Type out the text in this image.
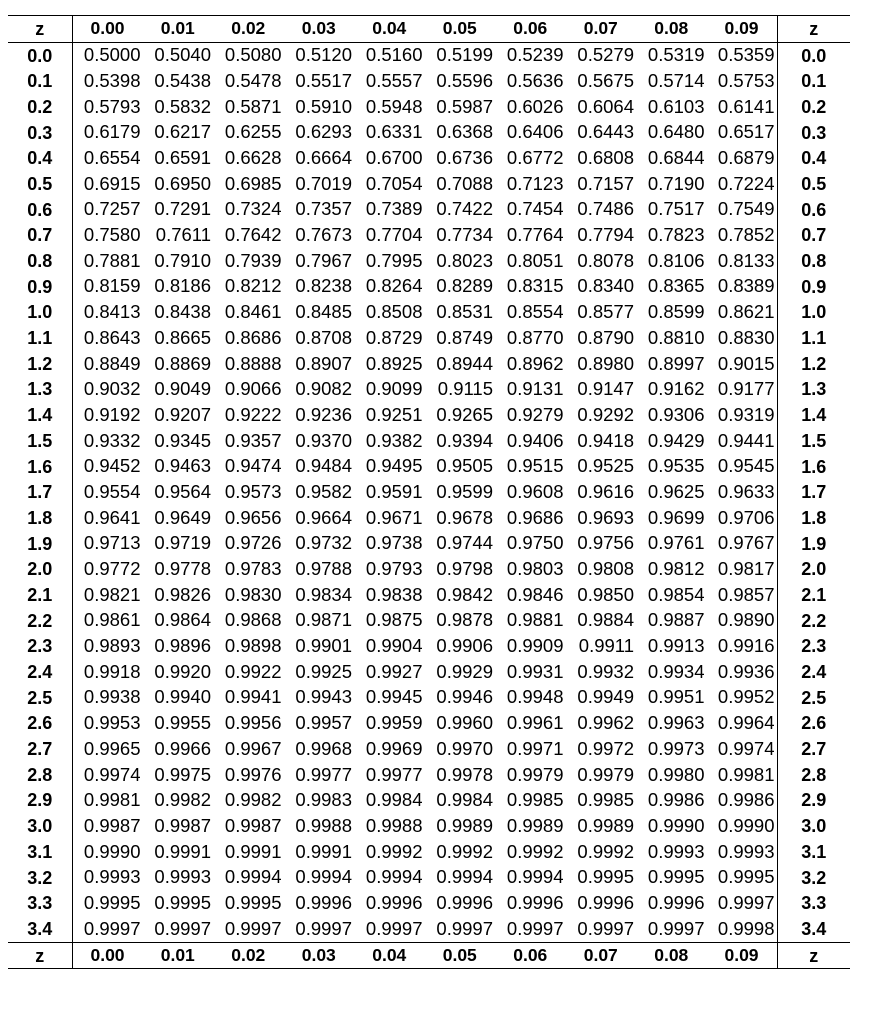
z	0.00	0.01	0.02	0.03	0.04	0.05	0.06	0.07	0.08	0.09	z
0.0	0.5000	0.5040	0.5080	0.5120	0.5160	0.5199	0.5239	0.5279	0.5319	0.5359	0.0
0.1	0.5398	0.5438	0.5478	0.5517	0.5557	0.5596	0.5636	0.5675	0.5714	0.5753	0.1
0.2	0.5793	0.5832	0.5871	0.5910	0.5948	0.5987	0.6026	0.6064	0.6103	0.6141	0.2
0.3	0.6179	0.6217	0.6255	0.6293	0.6331	0.6368	0.6406	0.6443	0.6480	0.6517	0.3
0.4	0.6554	0.6591	0.6628	0.6664	0.6700	0.6736	0.6772	0.6808	0.6844	0.6879	0.4
0.5	0.6915	0.6950	0.6985	0.7019	0.7054	0.7088	0.7123	0.7157	0.7190	0.7224	0.5
0.6	0.7257	0.7291	0.7324	0.7357	0.7389	0.7422	0.7454	0.7486	0.7517	0.7549	0.6
0.7	0.7580	0.7611	0.7642	0.7673	0.7704	0.7734	0.7764	0.7794	0.7823	0.7852	0.7
0.8	0.7881	0.7910	0.7939	0.7967	0.7995	0.8023	0.8051	0.8078	0.8106	0.8133	0.8
0.9	0.8159	0.8186	0.8212	0.8238	0.8264	0.8289	0.8315	0.8340	0.8365	0.8389	0.9
1.0	0.8413	0.8438	0.8461	0.8485	0.8508	0.8531	0.8554	0.8577	0.8599	0.8621	1.0
1.1	0.8643	0.8665	0.8686	0.8708	0.8729	0.8749	0.8770	0.8790	0.8810	0.8830	1.1
1.2	0.8849	0.8869	0.8888	0.8907	0.8925	0.8944	0.8962	0.8980	0.8997	0.9015	1.2
1.3	0.9032	0.9049	0.9066	0.9082	0.9099	0.9115	0.9131	0.9147	0.9162	0.9177	1.3
1.4	0.9192	0.9207	0.9222	0.9236	0.9251	0.9265	0.9279	0.9292	0.9306	0.9319	1.4
1.5	0.9332	0.9345	0.9357	0.9370	0.9382	0.9394	0.9406	0.9418	0.9429	0.9441	1.5
1.6	0.9452	0.9463	0.9474	0.9484	0.9495	0.9505	0.9515	0.9525	0.9535	0.9545	1.6
1.7	0.9554	0.9564	0.9573	0.9582	0.9591	0.9599	0.9608	0.9616	0.9625	0.9633	1.7
1.8	0.9641	0.9649	0.9656	0.9664	0.9671	0.9678	0.9686	0.9693	0.9699	0.9706	1.8
1.9	0.9713	0.9719	0.9726	0.9732	0.9738	0.9744	0.9750	0.9756	0.9761	0.9767	1.9
2.0	0.9772	0.9778	0.9783	0.9788	0.9793	0.9798	0.9803	0.9808	0.9812	0.9817	2.0
2.1	0.9821	0.9826	0.9830	0.9834	0.9838	0.9842	0.9846	0.9850	0.9854	0.9857	2.1
2.2	0.9861	0.9864	0.9868	0.9871	0.9875	0.9878	0.9881	0.9884	0.9887	0.9890	2.2
2.3	0.9893	0.9896	0.9898	0.9901	0.9904	0.9906	0.9909	0.9911	0.9913	0.9916	2.3
2.4	0.9918	0.9920	0.9922	0.9925	0.9927	0.9929	0.9931	0.9932	0.9934	0.9936	2.4
2.5	0.9938	0.9940	0.9941	0.9943	0.9945	0.9946	0.9948	0.9949	0.9951	0.9952	2.5
2.6	0.9953	0.9955	0.9956	0.9957	0.9959	0.9960	0.9961	0.9962	0.9963	0.9964	2.6
2.7	0.9965	0.9966	0.9967	0.9968	0.9969	0.9970	0.9971	0.9972	0.9973	0.9974	2.7
2.8	0.9974	0.9975	0.9976	0.9977	0.9977	0.9978	0.9979	0.9979	0.9980	0.9981	2.8
2.9	0.9981	0.9982	0.9982	0.9983	0.9984	0.9984	0.9985	0.9985	0.9986	0.9986	2.9
3.0	0.9987	0.9987	0.9987	0.9988	0.9988	0.9989	0.9989	0.9989	0.9990	0.9990	3.0
3.1	0.9990	0.9991	0.9991	0.9991	0.9992	0.9992	0.9992	0.9992	0.9993	0.9993	3.1
3.2	0.9993	0.9993	0.9994	0.9994	0.9994	0.9994	0.9994	0.9995	0.9995	0.9995	3.2
3.3	0.9995	0.9995	0.9995	0.9996	0.9996	0.9996	0.9996	0.9996	0.9996	0.9997	3.3
3.4	0.9997	0.9997	0.9997	0.9997	0.9997	0.9997	0.9997	0.9997	0.9997	0.9998	3.4
z	0.00	0.01	0.02	0.03	0.04	0.05	0.06	0.07	0.08	0.09	z
